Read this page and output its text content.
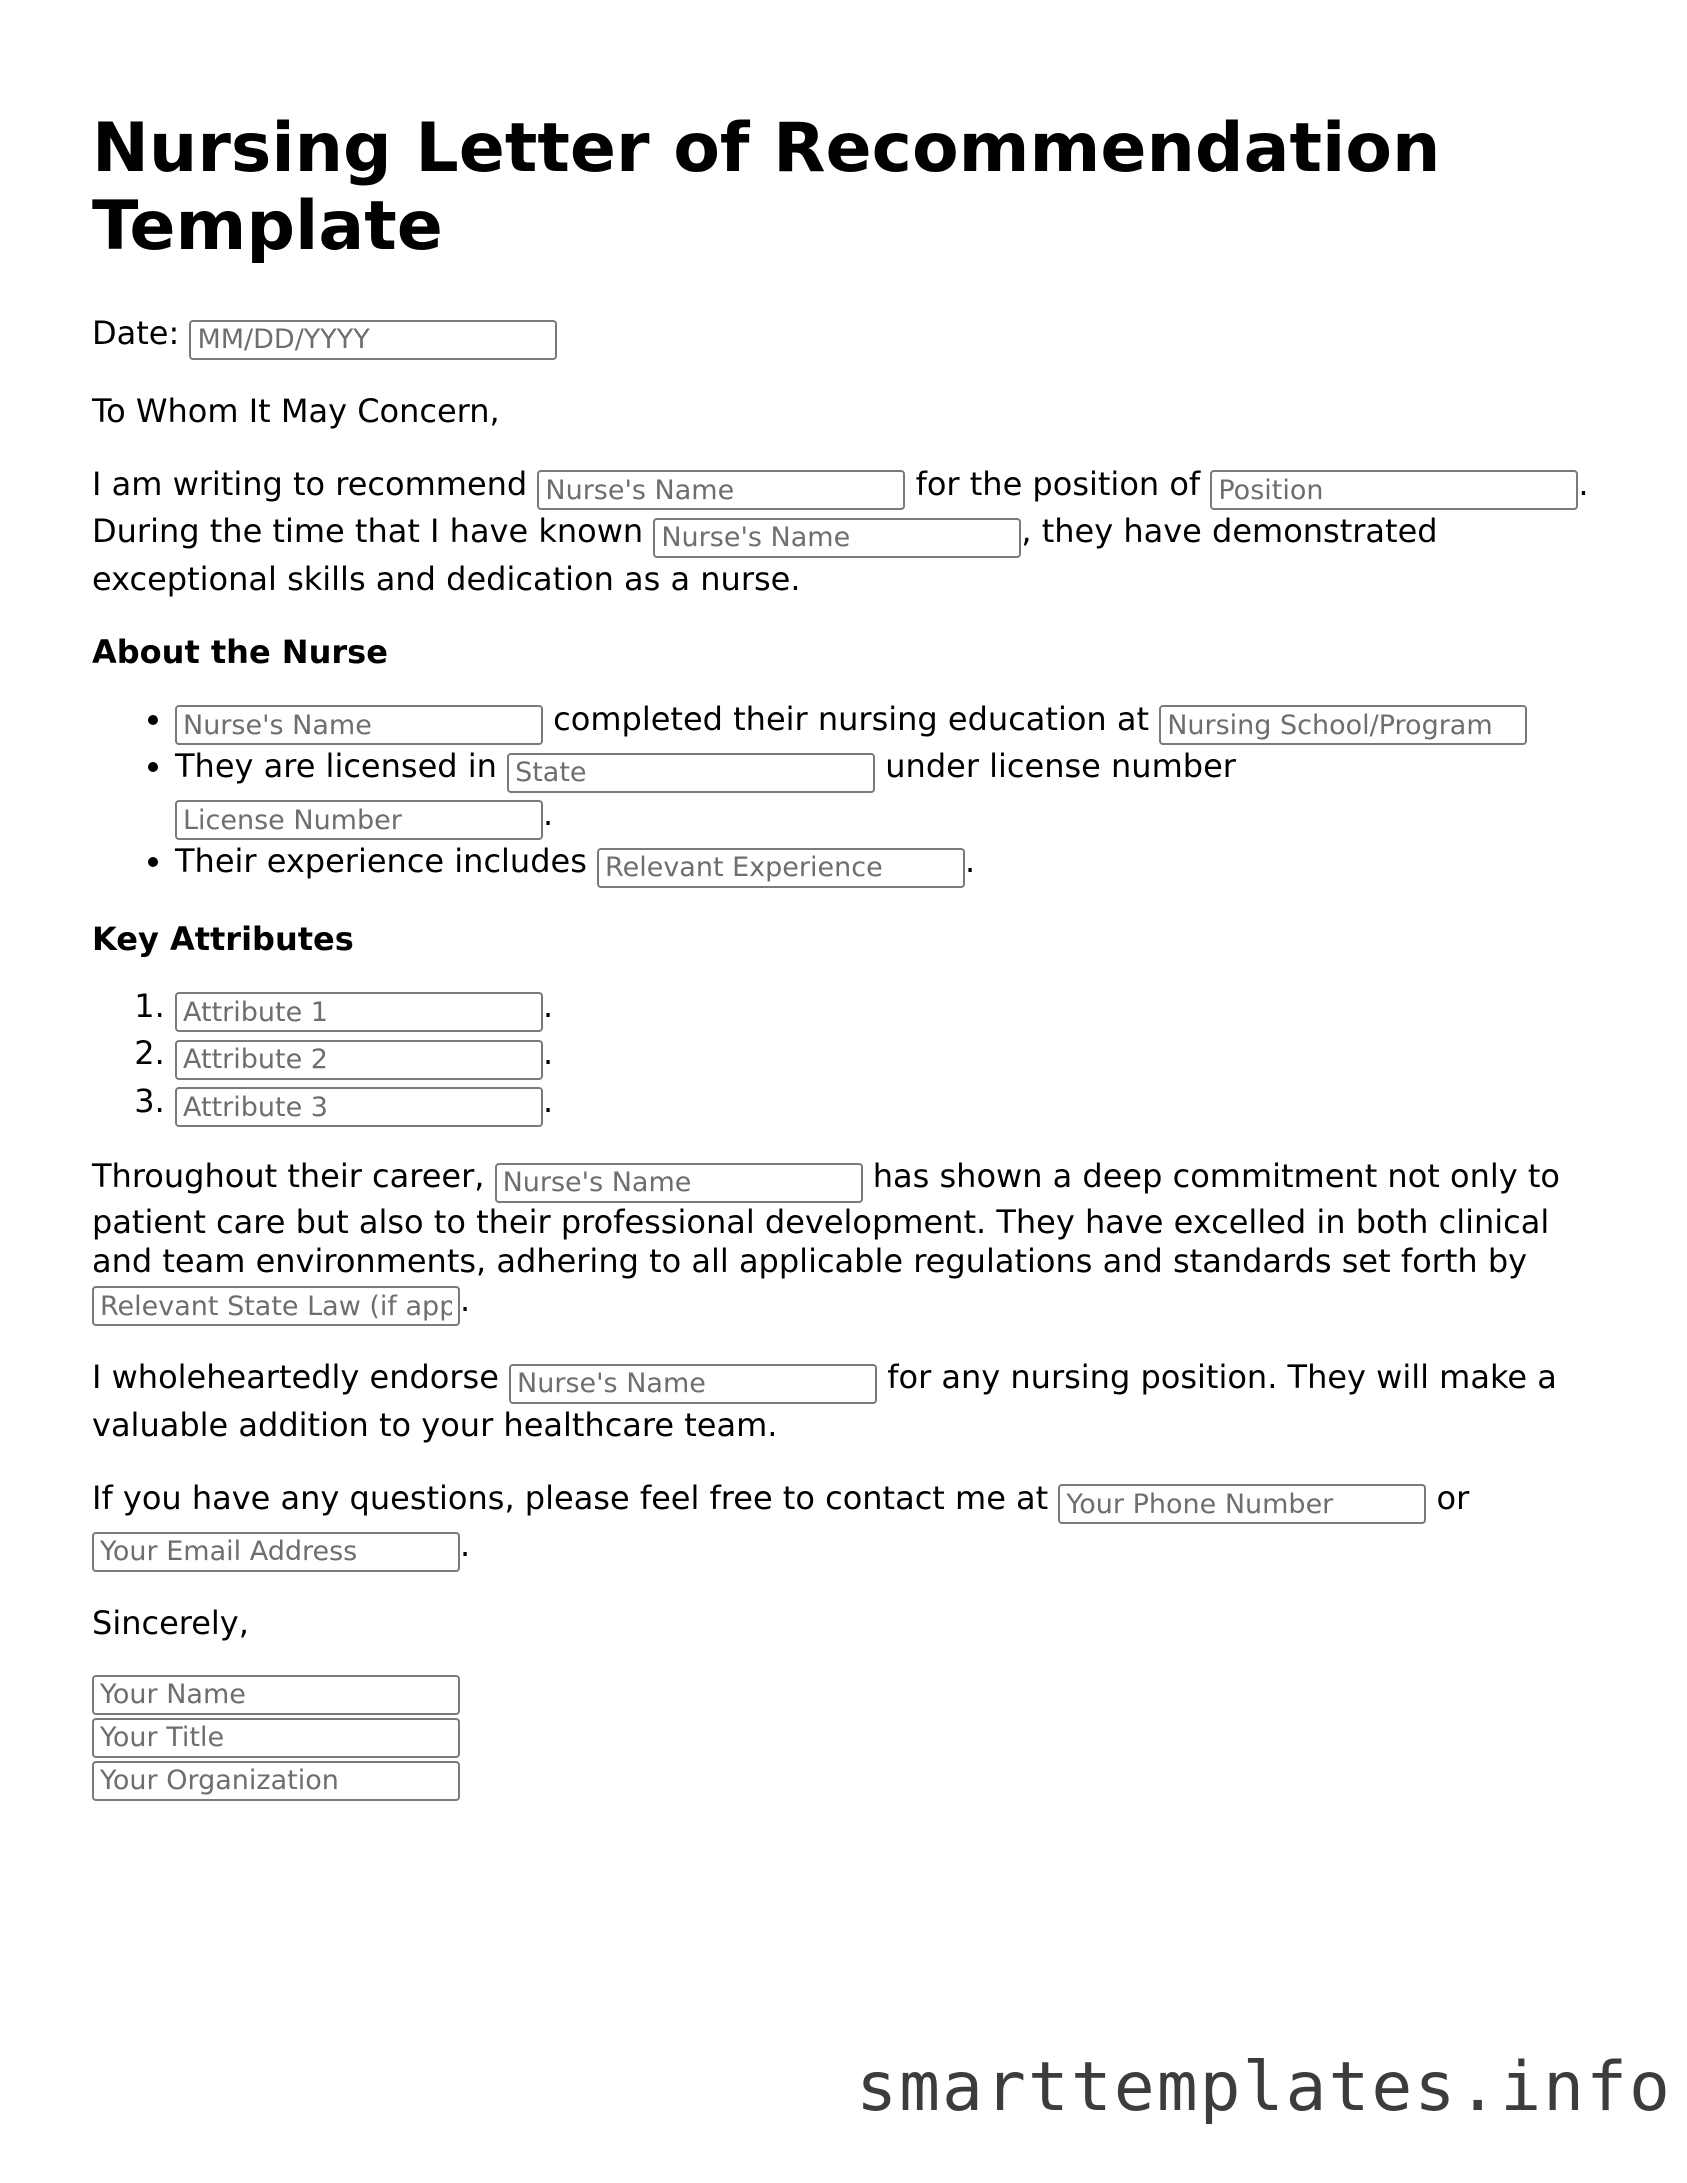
Nursing Letter of Recommendation Template

Date: MM/DD/YYYY

To Whom It May Concern,

I am writing to recommend Nurse's Name	for the position of Position	. During the time that I have known Nurse's Name	, they have demonstrated exceptional skills and dedication as a nurse.

About the Nurse
Nurse's Name • completed their nursing education at Nursing School/Program
• They are licensed in State	under license number License Number.
• Their experience includes Relevant Experience	.
Key Attributes
Attribute 1 1. .
Attribute 2 2. .
Attribute 3 3. .

Throughout their career, Nurse's Name	has shown a deep commitment not only to patient care but also to their professional development. They have excelled in both clinical and team environments, adhering to all applicable regulations and standards set forth by Relevant State Law (if applicable).

I wholeheartedly endorse Nurse's Name	for any nursing position. They will make a valuable addition to your healthcare team.

If you have any questions, please feel free to contact me at Your Phone Number	or Your Email Address.

Sincerely,

Your Name
Your Title
Your Organization
smarttemplates.info
